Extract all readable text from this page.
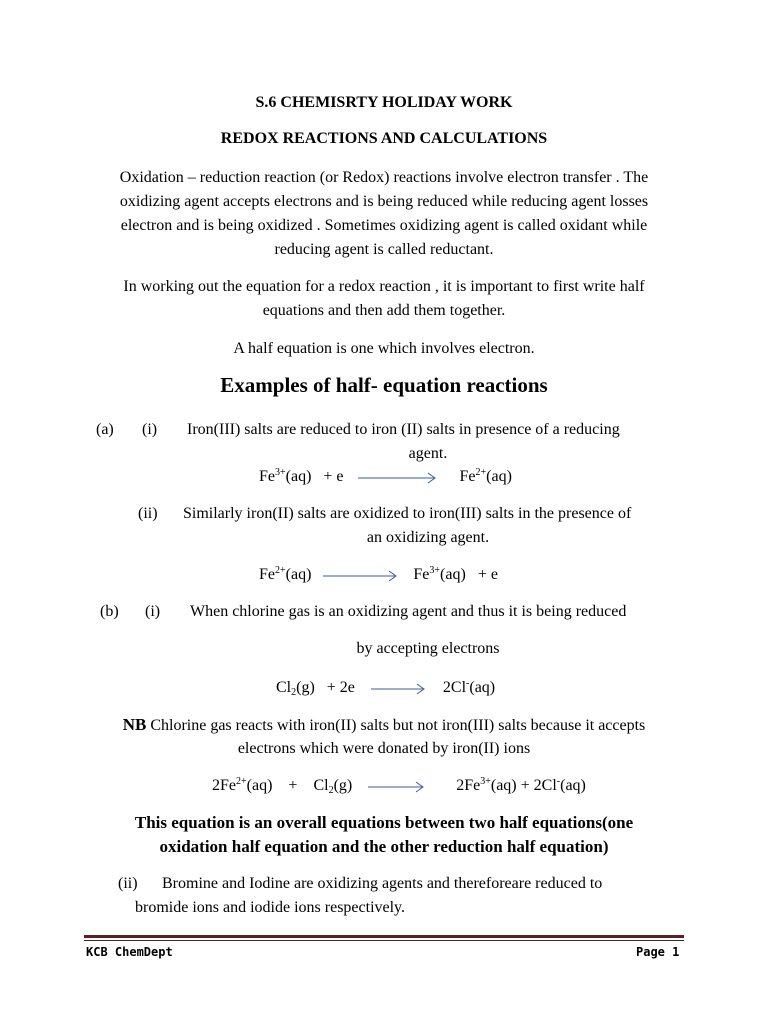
S.6 CHEMISRTY HOLIDAY WORK
REDOX REACTIONS AND CALCULATIONS
Oxidation – reduction reaction (or Redox) reactions involve electron transfer . The
oxidizing agent accepts electrons and is being reduced while reducing agent losses
electron and is being oxidized . Sometimes oxidizing agent is called oxidant while
reducing agent is called reductant.
In working out the equation for a redox reaction , it is important to first write half
equations and then add them together.
A half equation is one which involves electron.
Examples of half- equation reactions
(a) (i) Iron(III) salts are reduced to iron (II) salts in presence of a reducing
agent.
$Fe^{3+}(aq) + e$	$Fe^{2+}(aq)$
(ii) Similarly iron(II) salts are oxidized to iron(III) salts in the presence of
an oxidizing agent.
$Fe^{2+}(aq)$	$Fe^{3+}(aq) + e$
(b) (i) When chlorine gas is an oxidizing agent and thus it is being reduced
by accepting electrons
$Cl_2(g) + 2e \to 2Cl^-(aq)$
NB Chlorine gas reacts with iron(II) salts but not iron(III) salts because it accepts
electrons which were donated by iron(II) ions
$2Fe^{2+}(aq) + Cl_2(g) \to 2Fe^{3+}(aq) + 2Cl^-(aq)$
This equation is an overall equations between two half equations(one
oxidation half equation and the other reduction half equation)
(ii) Bromine and Iodine are oxidizing agents and thereforeare reduced to
bromide ions and iodide ions respectively.
KCB ChemDept	Page 1
